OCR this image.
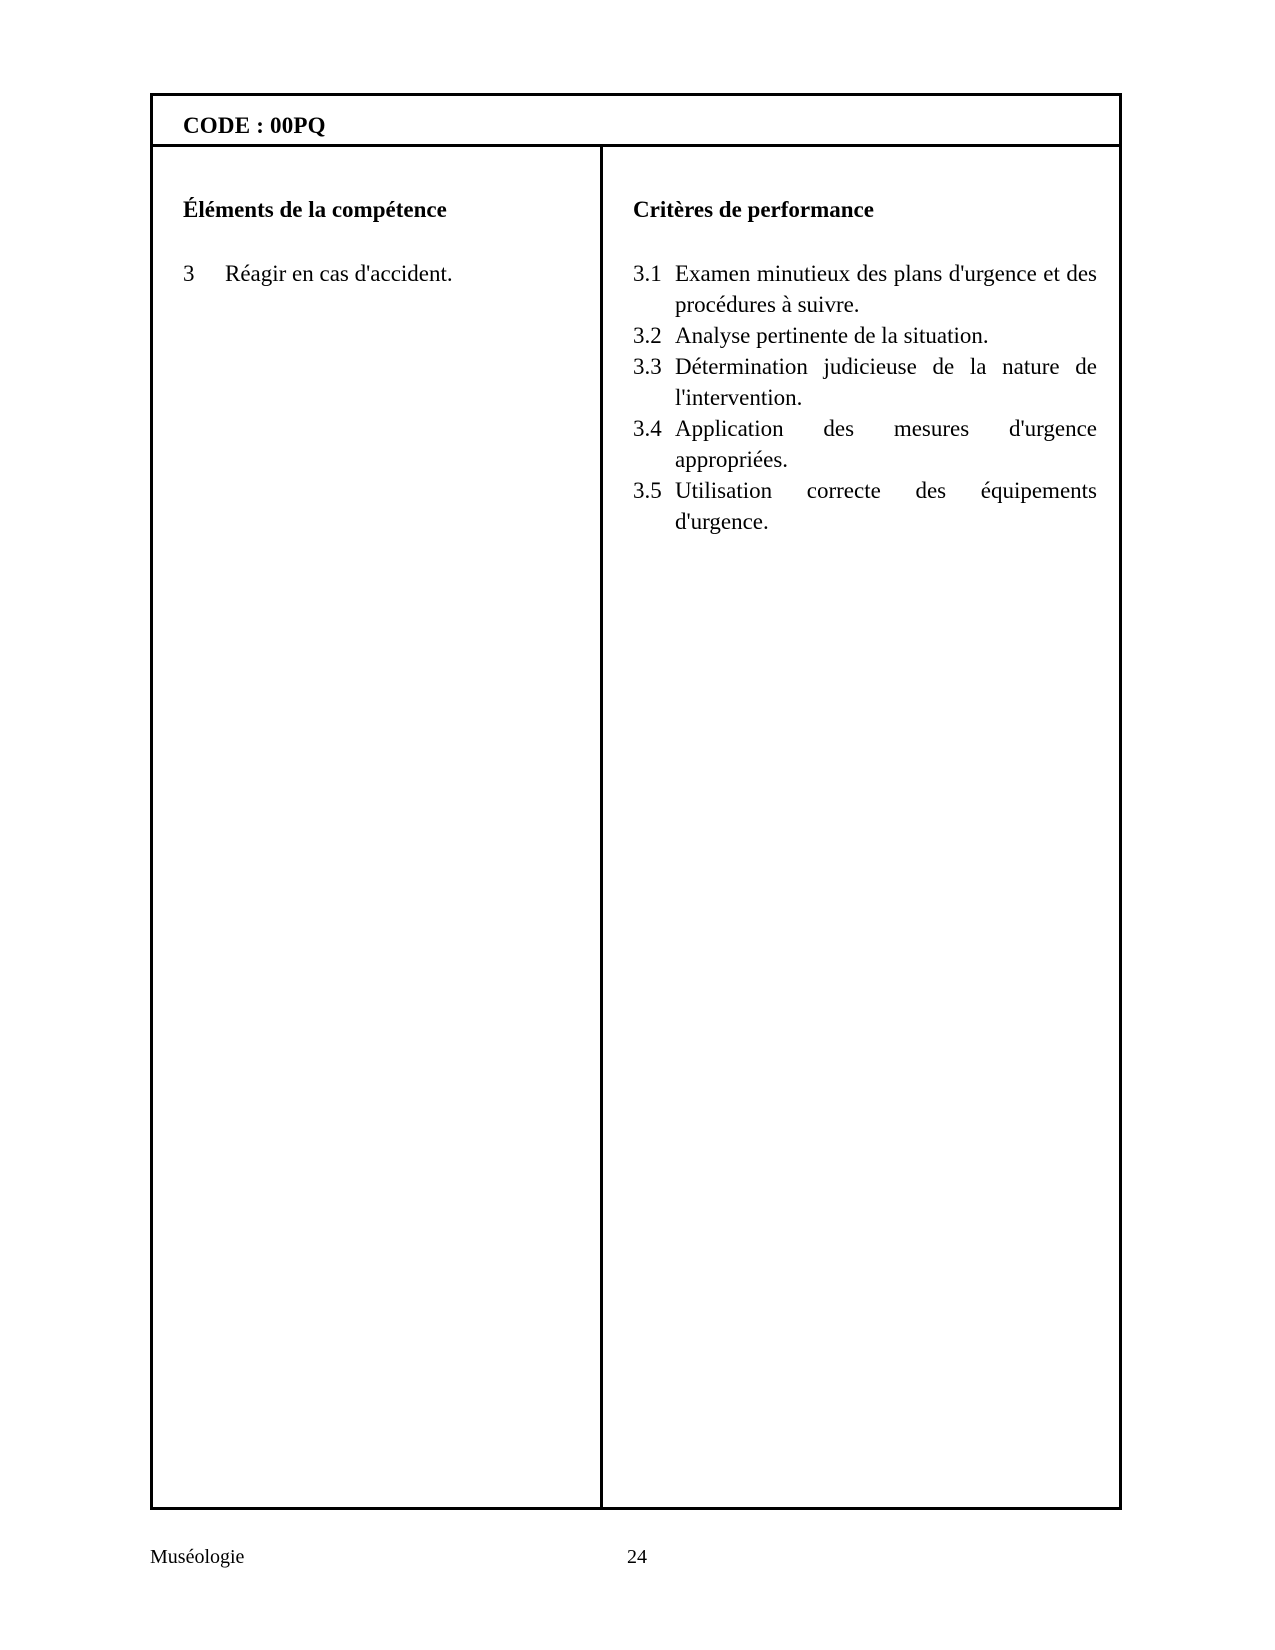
CODE : 00PQ

Éléments de la compétence

3	Réagir en cas d'accident.

Critères de performance

3.1 Examen minutieux des plans d'urgence et des procédures à suivre.
3.2 Analyse pertinente de la situation.
3.3 Détermination judicieuse de la nature de l'intervention.
3.4 Application des mesures d'urgence appropriées.
3.5 Utilisation correcte des équipements d'urgence.
Muséologie	24
